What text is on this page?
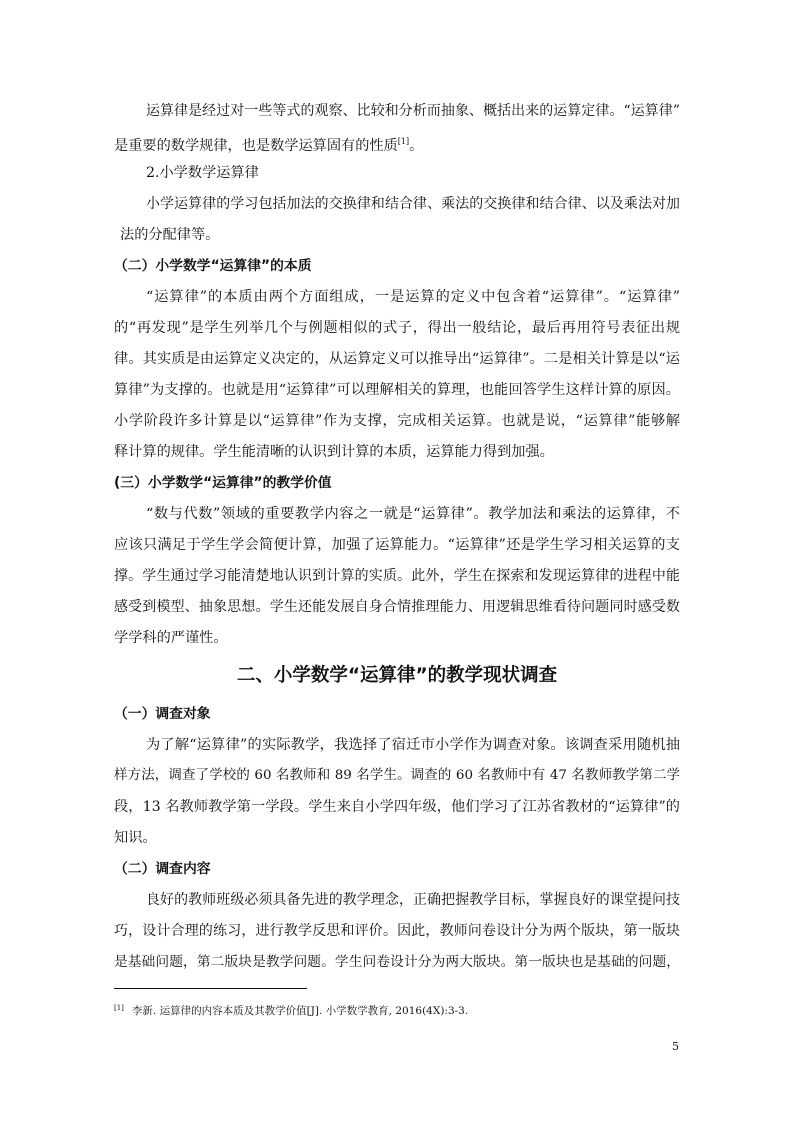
运算律是经过对一些等式的观察、比较和分析而抽象、概括出来的运算定律。“运算律”
是重要的数学规律，也是数学运算固有的性质[1]。
2.小学数学运算律
小学运算律的学习包括加法的交换律和结合律、乘法的交换律和结合律、以及乘法对加
法的分配律等。
（二）小学数学“运算律”的本质
“运算律”的本质由两个方面组成，一是运算的定义中包含着“运算律”。“运算律”
的“再发现”是学生列举几个与例题相似的式子，得出一般结论，最后再用符号表征出规
律。其实质是由运算定义决定的，从运算定义可以推导出“运算律”。二是相关计算是以“运
算律”为支撑的。也就是用“运算律”可以理解相关的算理，也能回答学生这样计算的原因。
小学阶段许多计算是以“运算律”作为支撑，完成相关运算。也就是说，“运算律”能够解
释计算的规律。学生能清晰的认识到计算的本质，运算能力得到加强。
(三）小学数学“运算律”的教学价值
“数与代数”领域的重要教学内容之一就是“运算律”。教学加法和乘法的运算律，不
应该只满足于学生学会简便计算，加强了运算能力。“运算律”还是学生学习相关运算的支
撑。学生通过学习能清楚地认识到计算的实质。此外，学生在探索和发现运算律的进程中能
感受到模型、抽象思想。学生还能发展自身合情推理能力、用逻辑思维看待问题同时感受数
学学科的严谨性。
二、小学数学“运算律”的教学现状调查
（一）调查对象
为了解“运算律”的实际教学，我选择了宿迁市小学作为调查对象。该调查采用随机抽
样方法，调查了学校的 60 名教师和 89 名学生。调查的 60 名教师中有 47 名教师教学第二学
段，13 名教师教学第一学段。学生来自小学四年级，他们学习了江苏省教材的“运算律”的
知识。
（二）调查内容
良好的教师班级必须具备先进的教学理念，正确把握教学目标，掌握良好的课堂提问技
巧，设计合理的练习，进行教学反思和评价。因此，教师问卷设计分为两个版块，第一版块
是基础问题，第二版块是教学问题。学生问卷设计分为两大版块。第一版块也是基础的问题，
[1] 李新. 运算律的内容本质及其教学价值[J]. 小学数学教育, 2016(4X):3-3.
5
